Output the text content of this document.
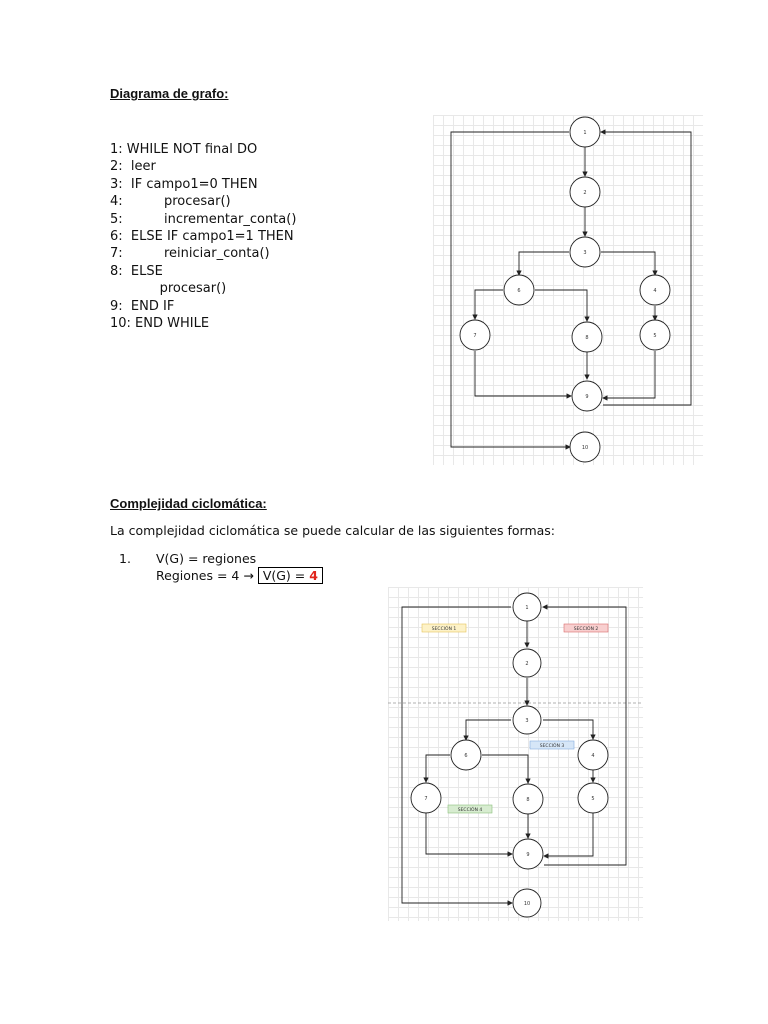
Diagrama de grafo:
1: WHILE NOT final DO
2:  leer
3:  IF campo1=0 THEN
4:          procesar()
5:          incrementar_conta()
6:  ELSE IF campo1=1 THEN
7:          reiniciar_conta()
8:  ELSE
procesar()
9:  END IF
10: END WHILE
1
2
3
6	4
7	8	5
9
10
Complejidad ciclomática:
La complejidad ciclomática se puede calcular de las siguientes formas:
1. V(G) = regiones
Regiones = 4 → V(G) = 4
SECCIÓN 1	SECCIÓN 2
SECCIÓN 3
SECCIÓN 4
1
2
3
6	4
7	8	5
9
10
